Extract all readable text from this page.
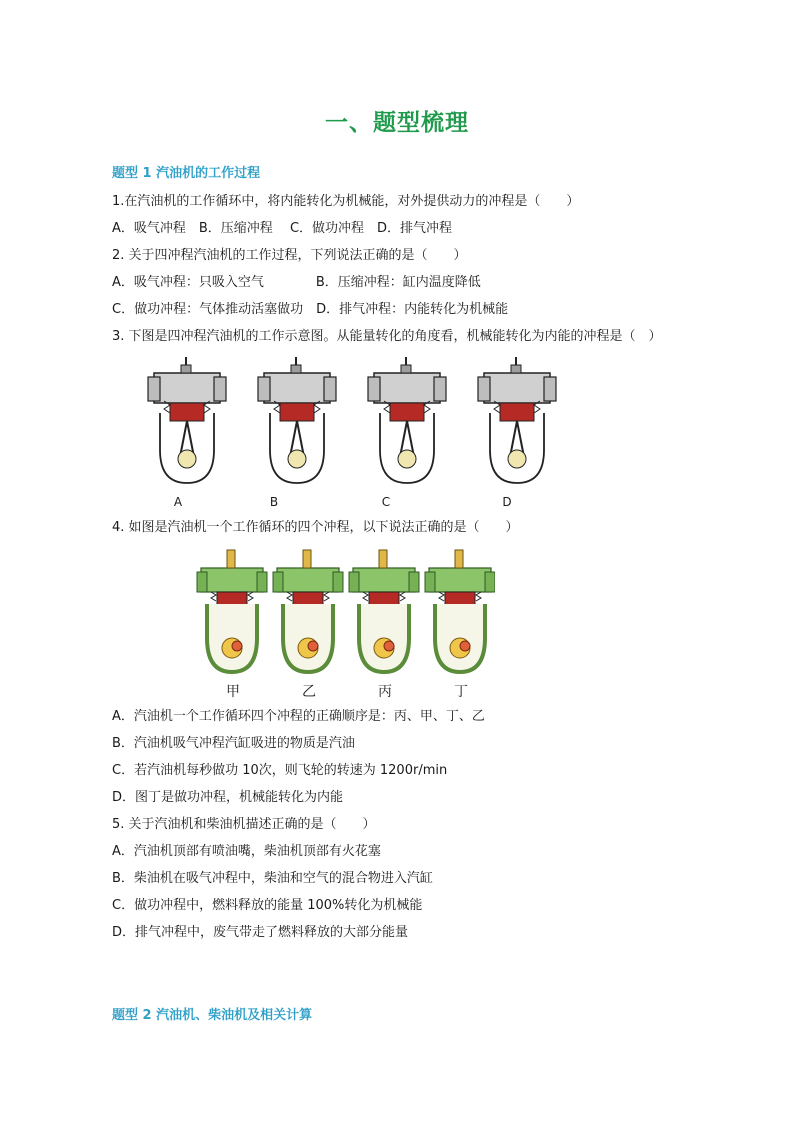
一、题型梳理
题型 1 汽油机的工作过程
1.在汽油机的工作循环中，将内能转化为机械能，对外提供动力的冲程是（　　）
A．吸气冲程　B．压缩冲程　 C．做功冲程　D．排气冲程
2. 关于四冲程汽油机的工作过程，下列说法正确的是（　　）
A．吸气冲程：只吸入空气　　　　B．压缩冲程：缸内温度降低
C．做功冲程：气体推动活塞做功　D．排气冲程：内能转化为机械能
3. 下图是四冲程汽油机的工作示意图。从能量转化的角度看，机械能转化为内能的冲程是（　）
A	B	C	D
4. 如图是汽油机一个工作循环的四个冲程，以下说法正确的是（　　）
甲	乙	丙	丁
A．汽油机一个工作循环四个冲程的正确顺序是：丙、甲、丁、乙
B．汽油机吸气冲程汽缸吸进的物质是汽油
C．若汽油机每秒做功 10次，则飞轮的转速为 1200r/min
D．图丁是做功冲程，机械能转化为内能
5. 关于汽油机和柴油机描述正确的是（　　）
A．汽油机顶部有喷油嘴，柴油机顶部有火花塞
B．柴油机在吸气冲程中，柴油和空气的混合物进入汽缸
C．做功冲程中，燃料释放的能量 100%转化为机械能
D．排气冲程中，废气带走了燃料释放的大部分能量
题型 2 汽油机、柴油机及相关计算
